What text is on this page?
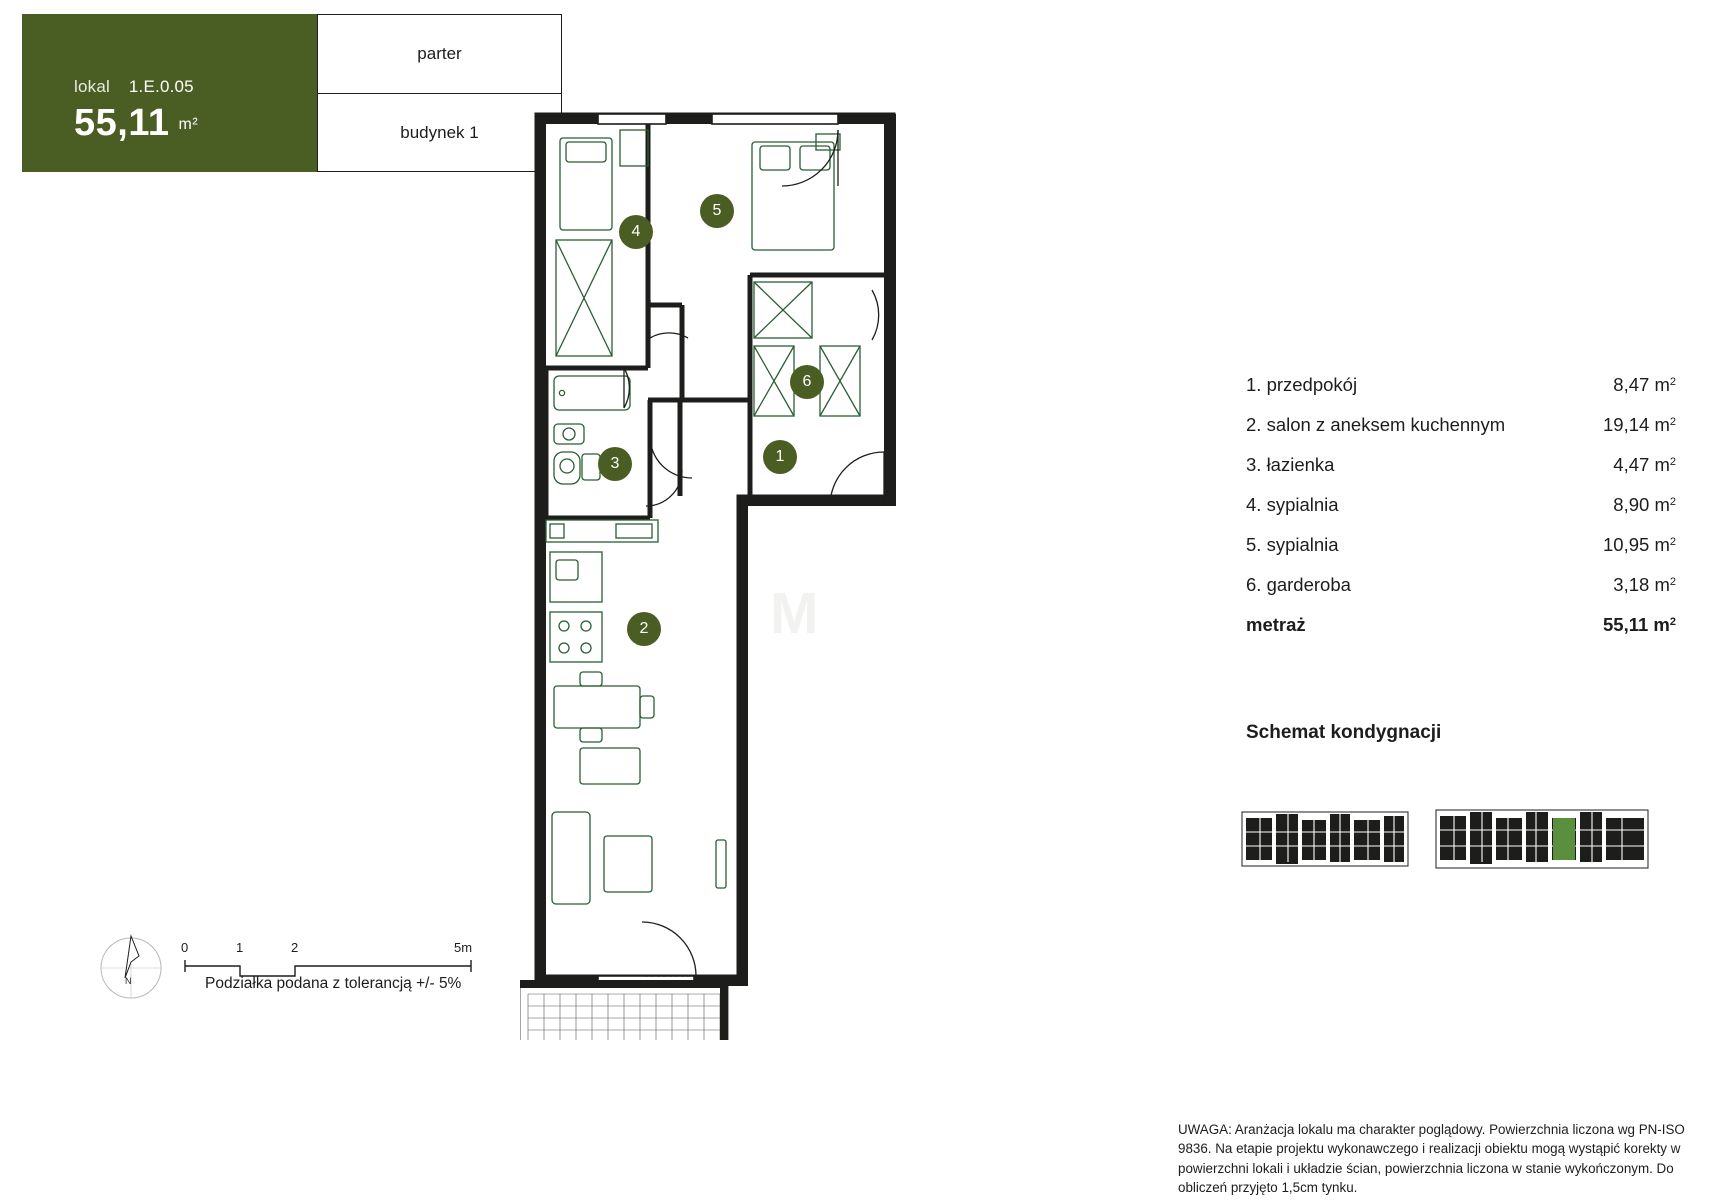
lokal 1.E.0.05
55,11 $^{m^2}$
parter
budynek 1
M
1
2
3
4
5
6	1. przedpokój	8,47 $m^2$
2. salon z aneksem kuchennym	19,14 $m^2$
3. łazienka	4,47 $m^2$
4. sypialnia	8,90 $m^2$
5. sypialnia	10,95 $m^2$
6. garderoba	3,18 $m^2$
metraż	55,11 $m^2$
Schemat kondygnacji
N
0	1	2	5m
Podziałka podana z tolerancją +/- 5%
UWAGA: Aranżacja lokalu ma charakter poglądowy. Powierzchnia liczona wg PN-ISO 9836. Na etapie projektu wykonawczego i realizacji obiektu mogą wystąpić korekty w powierzchni lokali i układzie ścian, powierzchnia liczona w stanie wykończonym. Do obliczeń przyjęto 1,5cm tynku.
